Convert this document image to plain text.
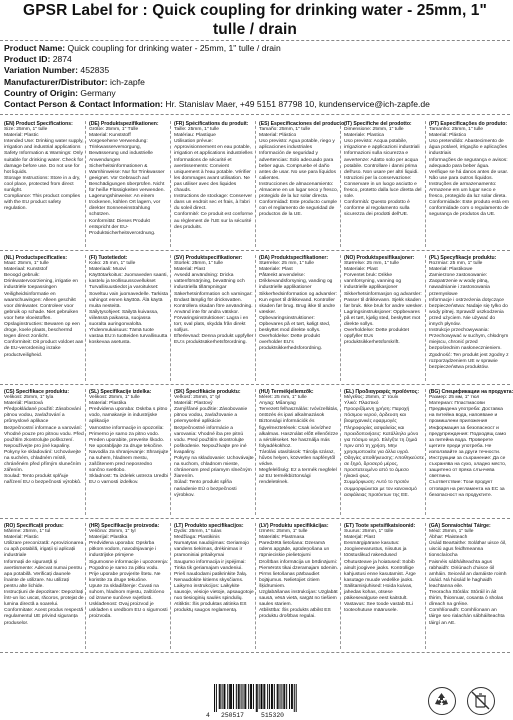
GPSR Label for : Quick coupling for drinking water - 25mm, 1" tulle / drain
Product Name: Quick coupling for drinking water - 25mm, 1" tulle / drain
Product ID: 2874
Variation Number: 452835
Manufacturer/Distributor: ich-zapfe
Country of Origin: Germany
Contact Person & Contact Information: Hr. Stanislav Maer, +49 5151 87798 10, kundenservice@ich-zapfe.de
(EN) Product Specifications:
Size: 25mm, 1" tulle
Material: Plastic
Intended Use: Drinking water supply, irrigation and industrial applications
Safety Information & Warnings: Only suitable for drinking water. Check for damage before use. Do not use for hot liquids.
Storage Instructions: Store in a dry, cool place, protected from direct sunlight.
Compliance: This product complies with the EU product safety regulation.
(DE) Produktspezifikationen:
Größe: 25mm, 1" Tülle
Material: Kunststoff
Vorgesehene Verwendung: Trinkwasserversorgung, Bewässerung und industrielle Anwendungen
Sicherheitsinformationen & Warnhinweise: Nur für Trinkwasser geeignet. Vor Gebrauch auf Beschädigungen überprüfen. Nicht für heiße Flüssigkeiten verwenden.
Lagerungshinweise: An einem trockenen, kühlen Ort lagern, vor direkter Sonneneinstrahlung schützen.
Konformität: Dieses Produkt entspricht der EU-Produktsicherheitsverordnung.
(FR) Spécifications du produit:
Taille: 25mm, 1" tulle
Matériau: Plastique
Utilisation prévue: Approvisionnement en eau potable, irrigation et applications industrielles
Informations de sécurité et avertissements: Convient uniquement à l'eau potable. Vérifier les dommages avant utilisation. Ne pas utiliser avec des liquides chauds.
Instructions de stockage: Conserver dans un endroit sec et frais, à l'abri du soleil direct.
Conformité: Ce produit est conforme au règlement de l'UE sur la sécurité des produits.
(ES) Especificaciones del producto:
Tamaño: 25mm, 1" tulle
Material: Plástico
Uso previsto: Agua potable, riego y aplicaciones industriales
Información de seguridad y advertencias: Solo adecuado para beber agua. Compruebe el daño antes de usar. No use para líquidos calientes.
Instrucciones de almacenamiento: Almacene en un lugar seco y fresco, protegido de la luz solar directa.
Conformidad: Este producto cumple con el reglamento de seguridad de productos de la UE.
(IT) Specifiche del prodotto:
Dimensione: 25mm, 1" tulle
Materiale: Plastica
Uso previsto: Acqua potabile, irrigazione e applicazioni industriali
Informazioni sulla sicurezza e avvertenze: Adatto solo per acqua potabile. Controllare i danni prima dell'uso. Non usare per altri liquidi.
Istruzioni per la conservazione: Conservare in un luogo asciutto e fresco, protetto dalla luce diretta del sole.
Conformità: Questo prodotto è conforme al regolamento sulla sicurezza dei prodotti dell'UE.
(PT) Especificações do produto:
Tamanho: 25mm, 1" tulle
Material: Plástico
Uso pretendido: Abastecimento de água potável, irrigação e aplicações industriais
Informações de segurança e avisos: adequado para beber água. Verifique se há danos antes de usar. Não use para outros líquidos.
Instruções de armazenamento: Armazene em um lugar seco e fresco, protegido da luz solar direta.
Conformidade: Este produto está em conformidade com o regulamento de segurança de produtos da UE.
(NL) Productspecificaties:
Maat: 25mm, 1" tulle
Materiaal: Kunststof
Beoogd gebruik: Drinkwatervoorziening, irrigatie en industriële toepassingen
Veiligheidsinformatie en waarschuwingen: Alleen geschikt voor drinkwater. Controleer voor gebruik op schade. Niet gebruiken voor hete vloeistoffen.
Opslaginstructies: Bewaren op een droge, koele plaats, beschermd tegen direct zonlicht.
Conformiteit: Dit product voldoet aan de EU-verordening inzake productveiligheid.
(FI) Tuotetiedot:
Koko: 25 mm, 1" tulle
Materiaali: Muovi
Käyttötarkoitus: Juomaveden saanti, kastelu ja teollisuussovellukset
Turvallisuustiedot ja varoitukset: Soveltuu vain juomavedelle. Tarkista vahingot ennen käyttöä. Älä käytä muita nesteitä.
Säilytysohjeet: Säilytä kuivassa, viileässä paikassa, suojassa suoralta auringonvalolta.
Yhdenmukaisuus: Tämä tuote vastaa EU:n tuotteiden turvallisuutta koskevaa asetusta.
(SV) Produktspecifikationer:
Storlek: 25mm, 1" tulle
Material: Plast
Avsedd användning: Dricka vattenförsörjning, bevattning och industriella tillämpningar
Säkerhetsinformation och varningar: Endast lämplig för dricksvatten. Kontrollera skadan före användning. Använd inte för andra vätskor.
Förvaringsinstruktioner: Lagra i en torr, sval plats, skydda från direkt solljus.
Efterlevnad: Denna produkt uppfyller EU:s produktsäkerhetsförordning.
(DA) Produktspecifikationer:
Størrelse: 25 mm, 1" tulle
Materiale: Plast
Påtænkt anvendelse: Drikkevandsforsyning, vanding og industrielle applikationer
Sikkerhedsinformation og advarsler: Kun egnet til drikkevand. Kontroller skaden før brug. Brug ikke til andre væsker.
Opbevaringsinstruktioner: Opbevares på et tørt, køligt sted, beskyttet mod direkte sollys.
Overholdelse: Dette produkt overholder EU's produktsikkerhedsforordning.
(NO) Produktspesifikasjoner:
Størrelse: 25 mm, 1" tulle
Materiale: Plast
Forventet bruk: Drikke vannforsyning, vanning og industrielle applikasjoner
Sikkerhetsinformasjon og advarsler: Passer til drikkevann. Sjekk skaden før bruk. Ikke bruk for andre væsker.
Lagringsinstruksjoner: Oppbevares på et tørt, kjølig sted, beskyttet mot direkte sollys.
Overholdelse: Dette produktet oppfyller EUs produktsikkerhetsforskrift.
(PL) Specyfikacje produktu:
Rozmiar: 25 mm, 1" tulle
Materiał: Plastikowe
Zamierzone zastosowanie: Zaopatrzenie w wodę pitną, nawadnianie i zastosowania przemysłowe
Informacje i ostrzeżenia dotyczące bezpieczeństwa: Nadaje się tylko do wody pitnej. Sprawdź uszkodzenia przed użyciem. Nie używać do innych płynów.
Instrukcje przechowywania: Przechowywać w suchym, chłodnym miejscu, chronić przed bezpośrednim nasłonecznieniem.
Zgodność: Ten produkt jest zgodny z rozporządzeniem UE w sprawie bezpieczeństwa produktów.
(CS) Specifikace produktu:
Velikost: 25mm, 1" tyla
Materiál: Plastová
Předpokládané použití: Zásobování pitnou vodou, zavlažování a průmyslové aplikace
Bezpečnostní informace a varování: Vhodné pouze pro pitnou vodu. Před použitím zkontrolujte poškození. Nepoužívejte pro jiné kapaliny.
Pokyny ke skladování: Uchovávejte na suchém, chladném místě, chráněném před přímým slunečním zářením.
Soulad: Tento produkt splňuje nařízení EU o bezpečnosti výrobků.
(SL) Specifikacije izdelka:
Velikost: 25mm, 1" tulle
Material: Plastika
Predvidena uporaba: Oskrba s pitno vodo, namakanje in industrijske aplikacije
Varnostne informacije in opozorila: Primerno je samo za pitno vodo. Preden uporabite, preverite škodo. Ne uporabljajte za druge tekočine.
Navodila za shranjevanje: Shranjujte na suhem, hladnem mestu, zaščitenem pred neposredno sončno svetlobo.
Skladnost: Ta izdelek ustreza Uredbi EU o varnosti izdelkov.
(SK) Špecifikácie produktu:
Veľkosť: 25mm, 1" tyl
Materiál: Plastový
Zamýšľané použitie: Zásobovanie pitnou vodou, zavlažovanie a priemyselné aplikácie
Bezpečnostné informácie a varovania: Vhodné iba pre pitnú vodu. Pred použitím skontrolujte poškodenie. Nepoužívajte pre iné kvapaliny.
Pokyny na skladovanie: Uchovávajte na suchom, chladnom mieste, chránenom pred priamym slnečným žiarením.
Súlad: Tento produkt spĺňa nariadenie EÚ o bezpečnosti výrobkov.
(HU) Termékjellemzők:
Méret: 25 mm, 1" tulle
Anyag: Műanyag
Tervezett felhasználás: Ivóvízellátás, öntözés és ipari alkalmazások
Biztonsági információk és figyelmeztetések: Csak ivóvízhez alkalmas. Használat előtt ellenőrizze a sérüléseket. Ne használja más folyadékokhoz.
Tárolási utasítások: Tárolja száraz, hűvös helyen, közvetlen napfénytől védve.
Megfelelőség: Ez a termék megfelel az EU termékbiztonsági rendeletének.
(EL) Προδιαγραφές προϊόντος:
Μέγεθος: 25mm, 1" τουλι
Υλικό: Πλαστικό
Προοριζόμενη χρήση: Παροχή πόσιμου νερού, άρδευση και βιομηχανικές εφαρμογές
Πληροφορίες ασφαλείας και προειδοποιήσεις: Κατάλληλο μόνο για πόσιμο νερό. Ελέγξτε τη ζημιά πριν από τη χρήση. Μην χρησιμοποιείτε για άλλα υγρά.
Οδηγίες αποθήκευσης: Αποθηκεύστε σε ξηρό, δροσερό μέρος, προστατευμένο από το άμεσο ηλιακό φως.
Συμμόρφωση: Αυτό το προϊόν συμμορφώνεται με τον κανονισμό ασφάλειας προϊόντων της ΕΕ.
(BG) Спецификации на продукта:
Размер: 25 мм, 1" тюл
Материал: Пластмасови
Предвидена употреба: Доставка на питейна вода, напояване и промишлени приложения
Информация за безопасност и предупреждения: Подходящ само за питейна вода. Проверете щетите преди употреба. Не използвайте за други течности.
Инструкции за съхранение: Да се съхранява на сухо, хладно място, защитено от пряка слънчева светлина.
Съответствие: Този продукт отговаря на регламента на ЕС за безопасност на продуктите.
(RO) Specificații produs:
Mărime: 25mm, 1" tul
Material: Plastic
Utilizare preconizată: Aprovizionarea cu apă potabilă, irigații și aplicații industriale
Informații de siguranță și avertismente: Adecvat numai pentru apa potabilă. Verificați daunele înainte de utilizare. Nu utilizați pentru alte lichide.
Instrucțiuni de depozitare: Depozitați într-un loc uscat, răcoros, protejat de lumina directă a soarelui.
Conformitate: Acest produs respectă regulamentul UE privind siguranța produselor.
(HR) Specifikacije proizvoda:
Veličina: 25mm, 1" tyl
Materijal: Plastika
Predviđena uporaba: Opskrba pitkom vodom, navodnjavanje i industrijske primjene
Sigurnosne informacije i upozorenja: Pogodno je samo za pitku vodu. Prije uporabe provjerite štetu. Ne koristite za druge tekućine.
Upute za skladištenje: Čuvati na suhom, hladnom mjestu, zaštićeno od izravne sunčeve svjetlosti.
Usklađenost: Ovaj proizvod je usklađen s uredbom EU o sigurnosti proizvoda.
(LT) Produkto specifikacijos:
Dydis: 25mm, 1" tulas
Medžiaga: Plastikinis
Numatytas naudojimas: Geriamojo vandens tiekimas, drėkinimas ir pramoniniai pritaikymai
Saugumo informacija ir įspėjimai: Tinka tik geriamajam vandeniui. Prieš naudodami patikrinkite žalą. Nenaudokite kitiems skysčiams.
Laikymo instrukcijos: Laikykite sausoje, vėsioje vietoje, apsaugotoje nuo tiesioginių saulės spindulių.
Atitiktis: Šis produktas atitinka ES produktų saugos reglamentą.
(LV) Produktu specifikācijas:
Izmērs: 25mm, 1" tulle
Materiāls: Plastmasa
Paredzētā lietošana: Dzeramā ūdens apgāde, apūdeņošana un rūpnieciskie pielietojumi
Drošības informācija un brīdinājumi: Piemērots tikai dzeramajam ūdenim. Pirms lietošanas pārbaudiet bojājumus. Nelietojiet citiem šķidrumiem.
Uzglabāšanas instrukcijas: Uzglabāt sausā, vēsā vietā, sargāt no tiešiem saules stariem.
Atbilstība: Šis produkts atbilst ES produktu drošības regulai.
(ET) Toote spetsifikatsioonid:
Suurus: 25mm, 1" tülle
Materjal: Plast
Eesmärgipärane kasutus: Joogiveevarustus, niisutus ja tööstuslikud rakendused
Ohutusteave ja hoiatused: Sobib ainult joogivee jaoks. Kontrollige kahjustusi enne kasutamist. Ärge kasutage muude vedelike jaoks.
Säilitamisjuhised: Hoida kuivas, jahedas kohas, otsese päikesevalguse eest kaitstult.
Vastavus: See toode vastab ELi tooteohutuse määrusele.
(GA) Sonraíochtaí Táirge:
Méid: 25mm, 1" tulle
Ábhar: Plaisteach
Úsáid Beartaithe: Soláthar uisce óil, uisciú agus feidhmeanna tionsclaíocha
Faisnéis sábháilteachta agus rabhaidh: Oiriúnach d'uisce óil amháin. Seiceáil an damáiste roimh úsáid. Ná húsáid le haghaidh leachtanna eile.
Treoracha Stórála: Stóráil in áit thirim, fhionnuar, cosanta ó sholas díreach na gréine.
Comhlíonadh: Comhlíonann an táirge seo rialachán sábháilteachta táirgí an AE.
4 250517	515320
